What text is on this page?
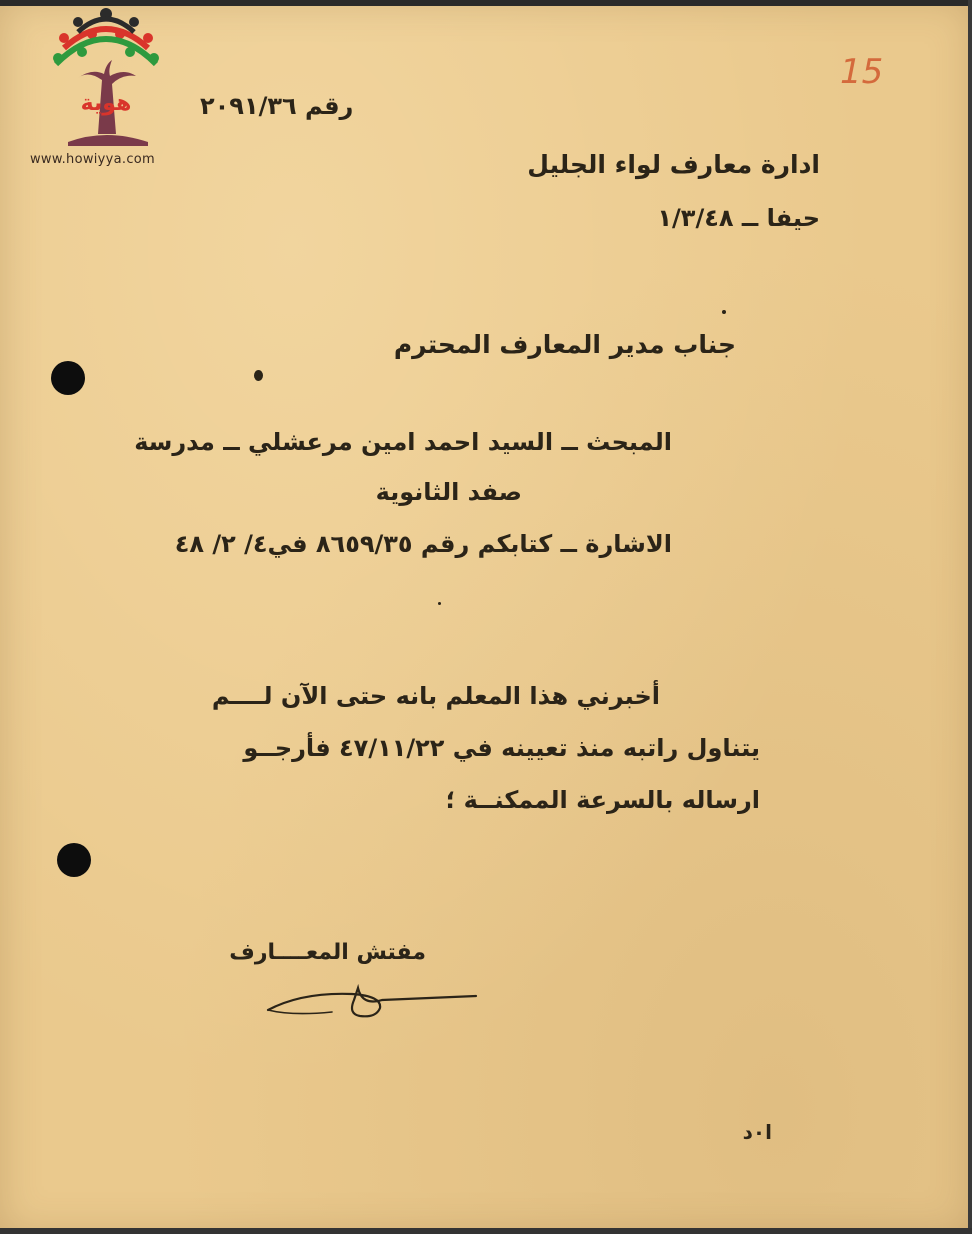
هوية
www.howiyya.com
15
رقم ٢٠٩١/٣٦
ادارة معارف لواء الجليل
حيفا ــ ١/٣/٤٨
جناب مدير المعارف المحترم
المبحث ــ السيد احمد امين مرعشلي ــ مدرسة
صفد الثانوية
الاشارة ــ كتابكم رقم ٨٦٥٩/٣٥ في٤/ ٢/ ٤٨
أخبرني هذا المعلم بانه حتى الآن لــــم
يتناول راتبه منذ تعيينه في ٤٧/١١/٢٢ فأرجــو
ارساله بالسرعة الممكنــة ؛
مفتش المعــــارف
ا٠د
